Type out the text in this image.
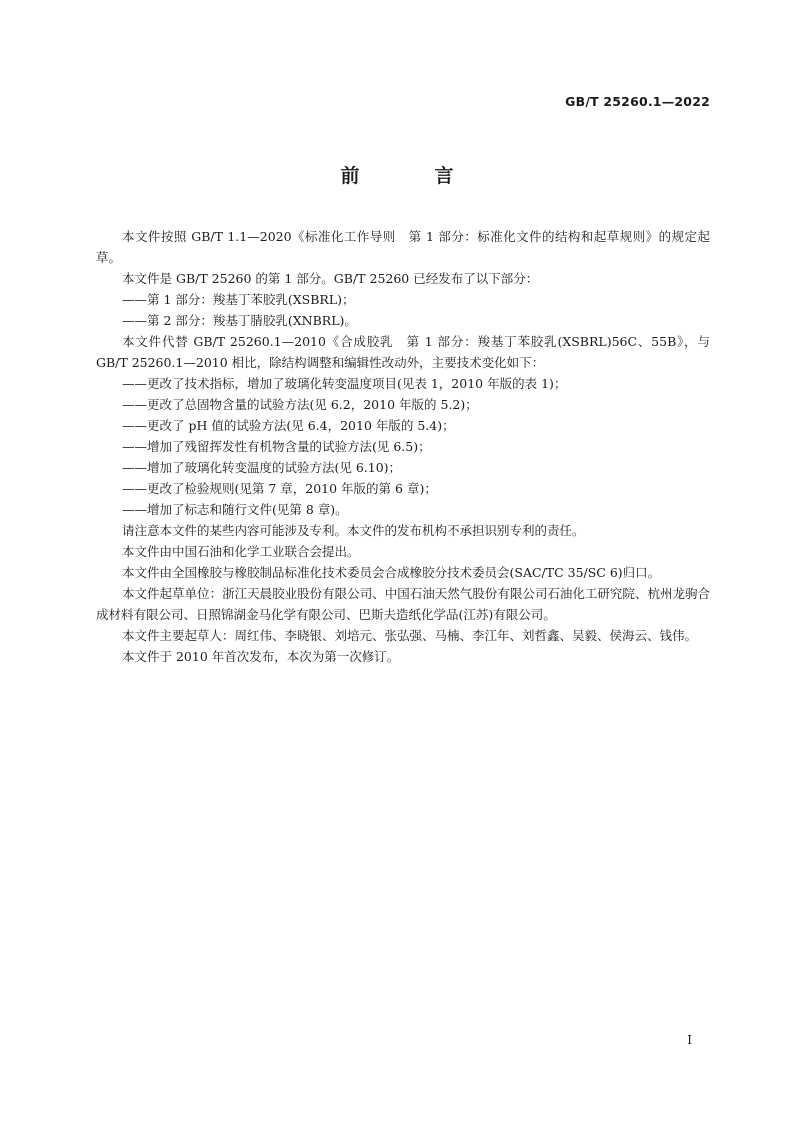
GB/T 25260.1—2022
前　言

本文件按照 GB/T 1.1—2020《标准化工作导则　第 1 部分：标准化文件的结构和起草规则》的规定起草。

本文件是 GB/T 25260 的第 1 部分。GB/T 25260 已经发布了以下部分：

——第 1 部分：羧基丁苯胶乳(XSBRL)；

——第 2 部分：羧基丁腈胶乳(XNBRL)。

本文件代替 GB/T 25260.1—2010《合成胶乳　第 1 部分：羧基丁苯胶乳(XSBRL)56C、55B》，与 GB/T 25260.1—2010 相比，除结构调整和编辑性改动外，主要技术变化如下：

——更改了技术指标，增加了玻璃化转变温度项目(见表 1，2010 年版的表 1)；

——更改了总固物含量的试验方法(见 6.2，2010 年版的 5.2)；

——更改了 pH 值的试验方法(见 6.4，2010 年版的 5.4)；

——增加了残留挥发性有机物含量的试验方法(见 6.5)；

——增加了玻璃化转变温度的试验方法(见 6.10)；

——更改了检验规则(见第 7 章，2010 年版的第 6 章)；

——增加了标志和随行文件(见第 8 章)。

请注意本文件的某些内容可能涉及专利。本文件的发布机构不承担识别专利的责任。

本文件由中国石油和化学工业联合会提出。

本文件由全国橡胶与橡胶制品标准化技术委员会合成橡胶分技术委员会(SAC/TC 35/SC 6)归口。

本文件起草单位：浙江天晨胶业股份有限公司、中国石油天然气股份有限公司石油化工研究院、杭州龙驹合成材料有限公司、日照锦湖金马化学有限公司、巴斯夫造纸化学品(江苏)有限公司。

本文件主要起草人：周红伟、李晓银、刘培元、张弘强、马楠、李江年、刘哲鑫、吴毅、侯海云、钱伟。

本文件于 2010 年首次发布，本次为第一次修订。

I
